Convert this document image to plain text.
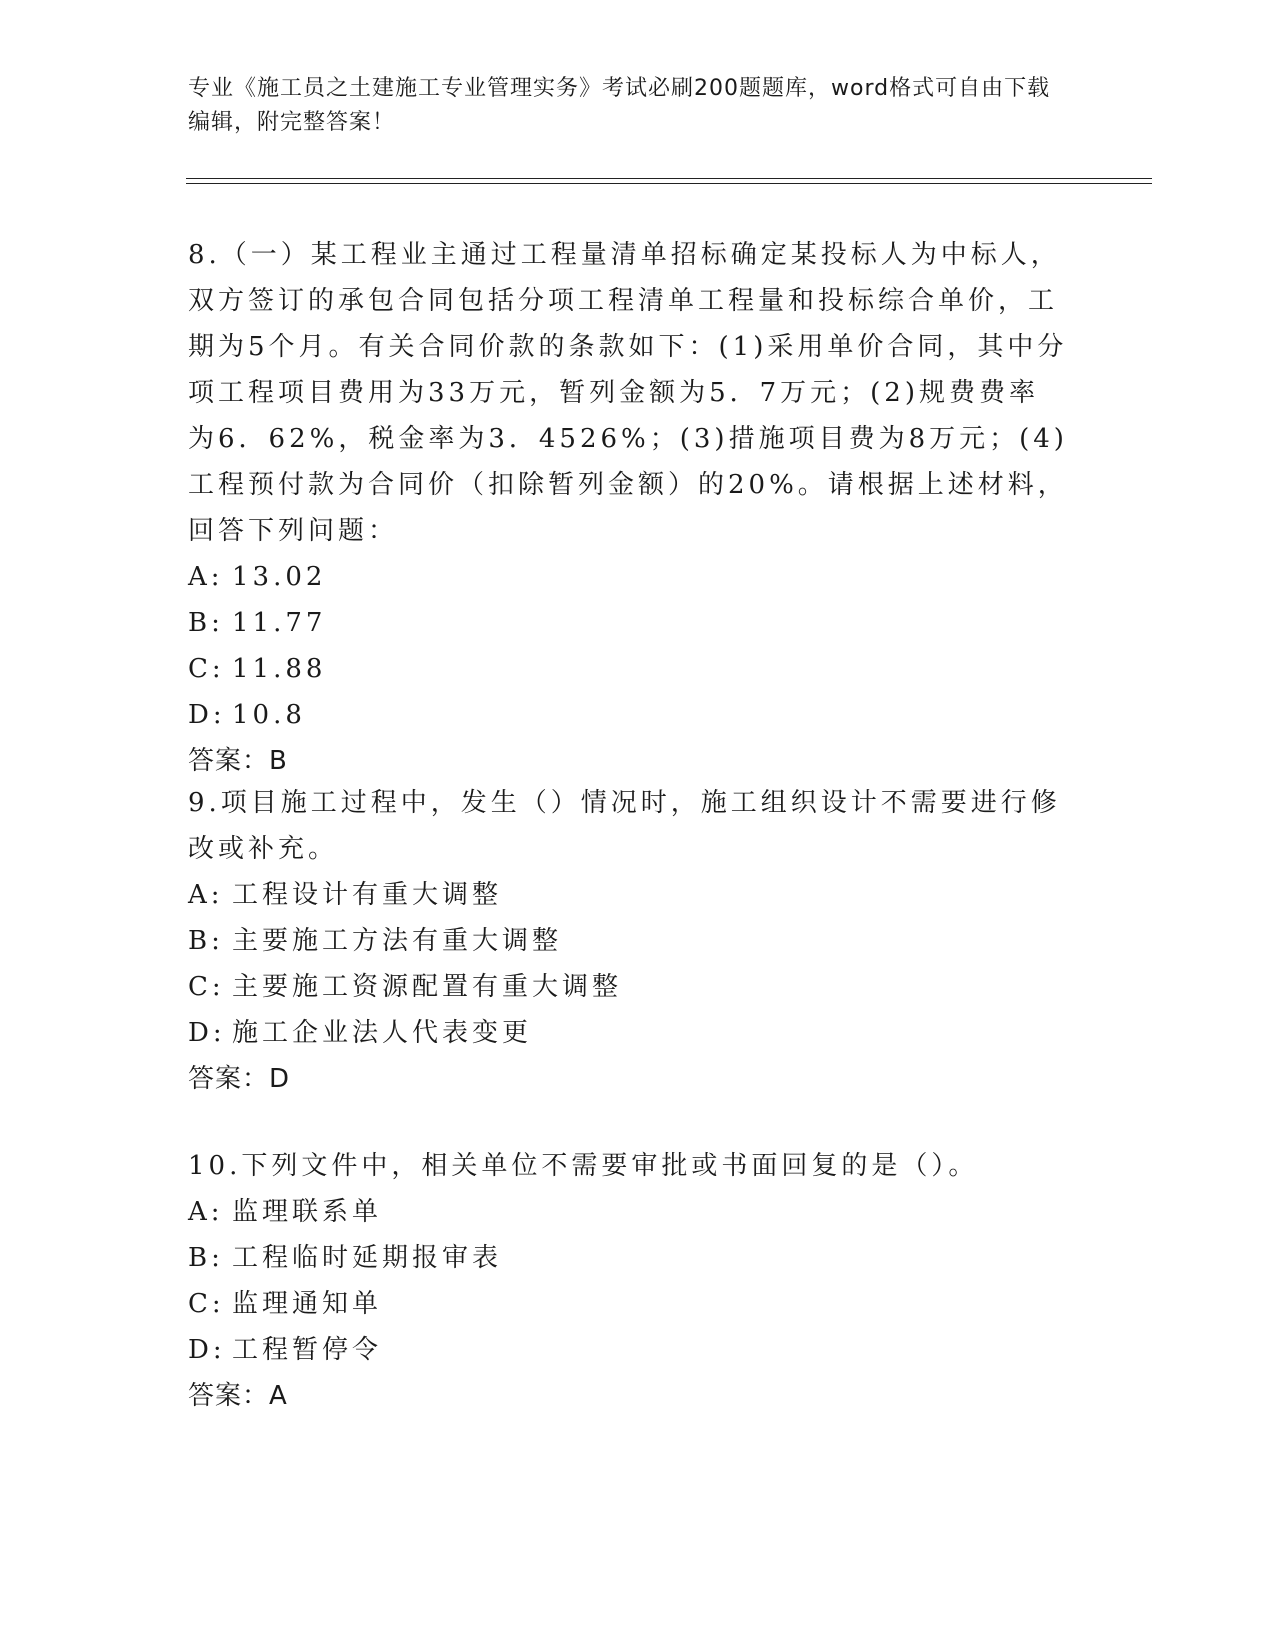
专业《施工员之土建施工专业管理实务》考试必刷200题题库，word格式可自由下载编辑，附完整答案！

8.（一）某工程业主通过工程量清单招标确定某投标人为中标人，双方签订的承包合同包括分项工程清单工程量和投标综合单价，工期为5个月。有关合同价款的条款如下：(1)采用单价合同，其中分项工程项目费用为33万元，暂列金额为5．7万元；(2)规费费率为6．62%，税金率为3．4526%；(3)措施项目费为8万元；(4)工程预付款为合同价（扣除暂列金额）的20%。请根据上述材料，回答下列问题：

A: 13.02

B: 11.77

C: 11.88

D: 10.8

答案：B

9.项目施工过程中，发生（）情况时，施工组织设计不需要进行修改或补充。

A: 工程设计有重大调整

B: 主要施工方法有重大调整

C: 主要施工资源配置有重大调整

D: 施工企业法人代表变更

答案：D

10.下列文件中，相关单位不需要审批或书面回复的是（）。

A: 监理联系单

B: 工程临时延期报审表

C: 监理通知单

D: 工程暂停令

答案：A
